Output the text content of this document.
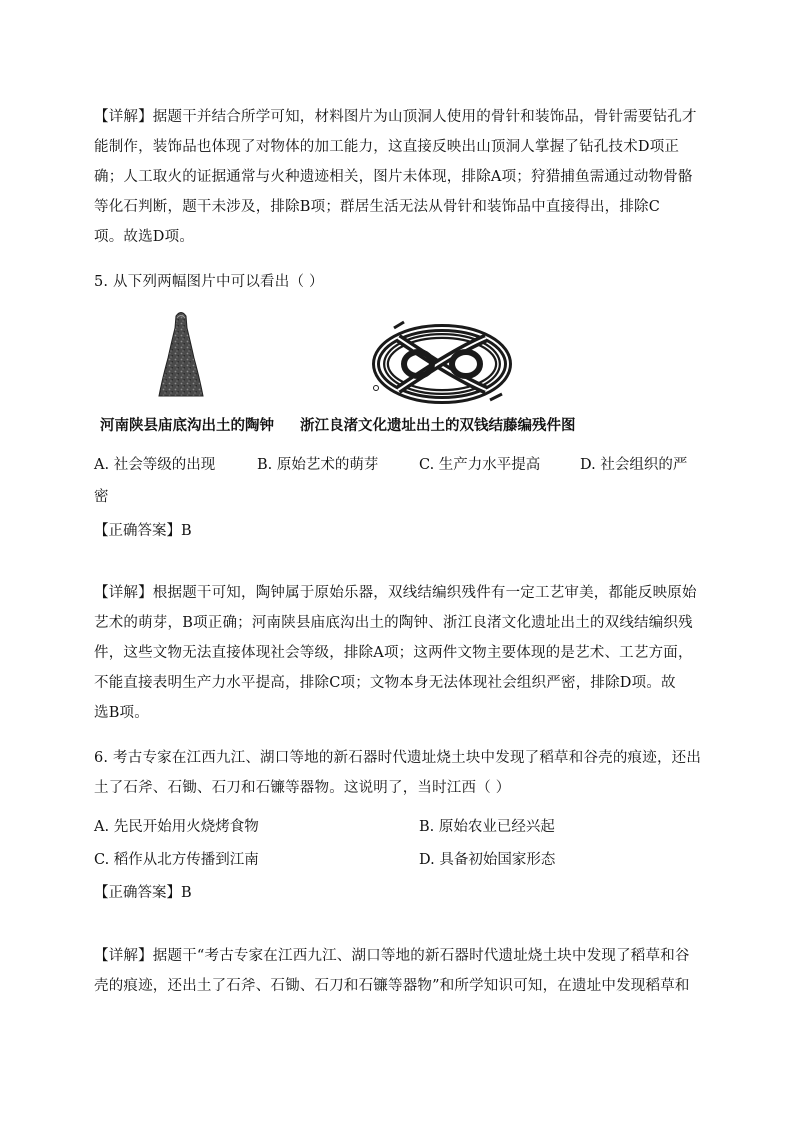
【详解】据题干并结合所学可知，材料图片为山顶洞人使用的骨针和装饰品，骨针需要钻孔才
能制作，装饰品也体现了对物体的加工能力，这直接反映出山顶洞人掌握了钻孔技术D项正
确；人工取火的证据通常与火种遗迹相关，图片未体现，排除A项；狩猎捕鱼需通过动物骨骼
等化石判断，题干未涉及，排除B项；群居生活无法从骨针和装饰品中直接得出，排除C
项。故选D项。
5. 从下列两幅图片中可以看出（ ）
河南陕县庙底沟出土的陶钟 浙江良渚文化遗址出土的双钱结藤编残件图
A. 社会等级的出现	B. 原始艺术的萌芽	C. 生产力水平提高	D. 社会组织的严
密
【正确答案】B
【详解】根据题干可知，陶钟属于原始乐器，双线结编织残件有一定工艺审美，都能反映原始
艺术的萌芽，B项正确；河南陕县庙底沟出土的陶钟、浙江良渚文化遗址出土的双线结编织残
件，这些文物无法直接体现社会等级，排除A项；这两件文物主要体现的是艺术、工艺方面，
不能直接表明生产力水平提高，排除C项；文物本身无法体现社会组织严密，排除D项。故
选B项。
6. 考古专家在江西九江、湖口等地的新石器时代遗址烧土块中发现了稻草和谷壳的痕迹，还出
土了石斧、石锄、石刀和石镰等器物。这说明了，当时江西（ ）
A. 先民开始用火烧烤食物	B. 原始农业已经兴起
C. 稻作从北方传播到江南	D. 具备初始国家形态
【正确答案】B
【详解】据题干“考古专家在江西九江、湖口等地的新石器时代遗址烧土块中发现了稻草和谷
壳的痕迹，还出土了石斧、石锄、石刀和石镰等器物”和所学知识可知，在遗址中发现稻草和
